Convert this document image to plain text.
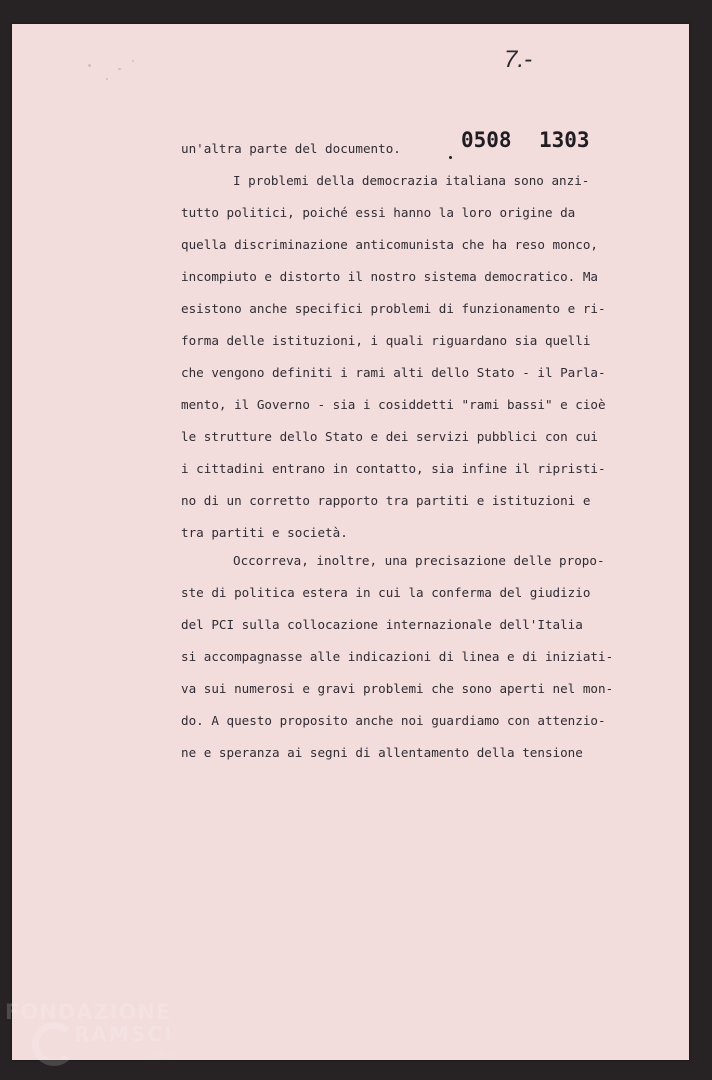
7.-
0508 1303
un'altra parte del documento.
I problemi della democrazia italiana sono anzi-
tutto politici, poiché essi hanno la loro origine da
quella discriminazione anticomunista che ha reso monco,
incompiuto e distorto il nostro sistema democratico. Ma
esistono anche specifici problemi di funzionamento e ri-
forma delle istituzioni, i quali riguardano sia quelli
che vengono definiti i rami alti dello Stato - il Parla-
mento, il Governo - sia i cosiddetti "rami bassi" e cioè
le strutture dello Stato e dei servizi pubblici con cui
i cittadini entrano in contatto, sia infine il ripristi-
no di un corretto rapporto tra partiti e istituzioni e
tra partiti e società.
Occorreva, inoltre, una precisazione delle propo-
ste di politica estera in cui la conferma del giudizio
del PCI sulla collocazione internazionale dell'Italia
si accompagnasse alle indicazioni di linea e di iniziati-
va sui numerosi e gravi problemi che sono aperti nel mon-
do. A questo proposito anche noi guardiamo con attenzio-
ne e speranza ai segni di allentamento della tensione
FONDAZIONE
RAMSCI
online
